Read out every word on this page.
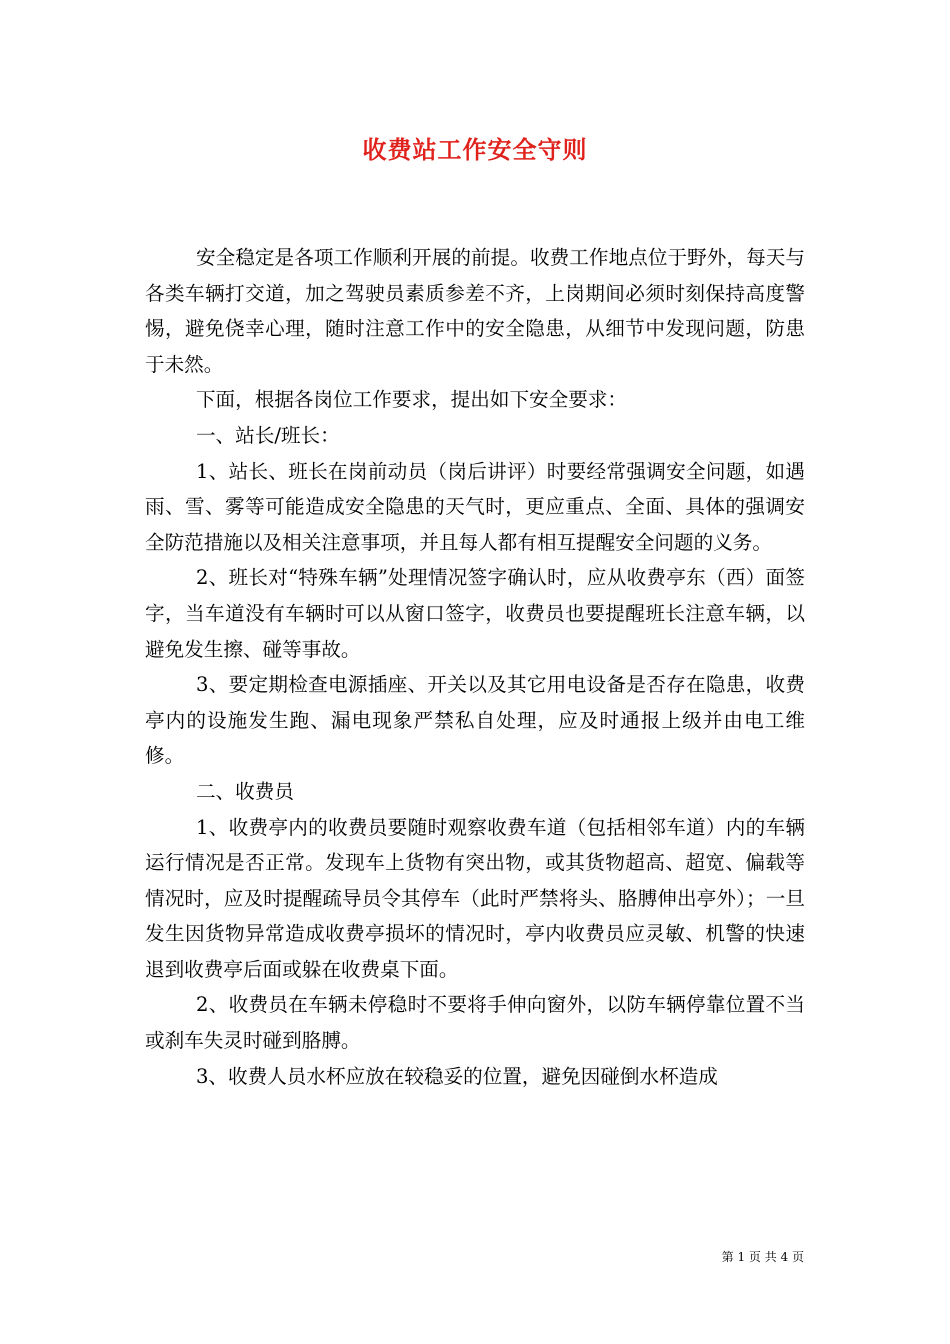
收费站工作安全守则

安全稳定是各项工作顺利开展的前提。收费工作地点位于野外，每天与各类车辆打交道，加之驾驶员素质参差不齐，上岗期间必须时刻保持高度警惕，避免侥幸心理，随时注意工作中的安全隐患，从细节中发现问题，防患于未然。

下面，根据各岗位工作要求，提出如下安全要求：

一、站长/班长：

1、站长、班长在岗前动员（岗后讲评）时要经常强调安全问题，如遇雨、雪、雾等可能造成安全隐患的天气时，更应重点、全面、具体的强调安全防范措施以及相关注意事项，并且每人都有相互提醒安全问题的义务。

2、班长对“特殊车辆”处理情况签字确认时，应从收费亭东（西）面签字，当车道没有车辆时可以从窗口签字，收费员也要提醒班长注意车辆，以避免发生擦、碰等事故。

3、要定期检查电源插座、开关以及其它用电设备是否存在隐患，收费亭内的设施发生跑、漏电现象严禁私自处理，应及时通报上级并由电工维修。

二、收费员

1、收费亭内的收费员要随时观察收费车道（包括相邻车道）内的车辆运行情况是否正常。发现车上货物有突出物，或其货物超高、超宽、偏载等情况时，应及时提醒疏导员令其停车（此时严禁将头、胳膊伸出亭外）；一旦发生因货物异常造成收费亭损坏的情况时，亭内收费员应灵敏、机警的快速退到收费亭后面或躲在收费桌下面。

2、收费员在车辆未停稳时不要将手伸向窗外，以防车辆停靠位置不当或刹车失灵时碰到胳膊。

3、收费人员水杯应放在较稳妥的位置，避免因碰倒水杯造成

第 1 页 共 4 页
